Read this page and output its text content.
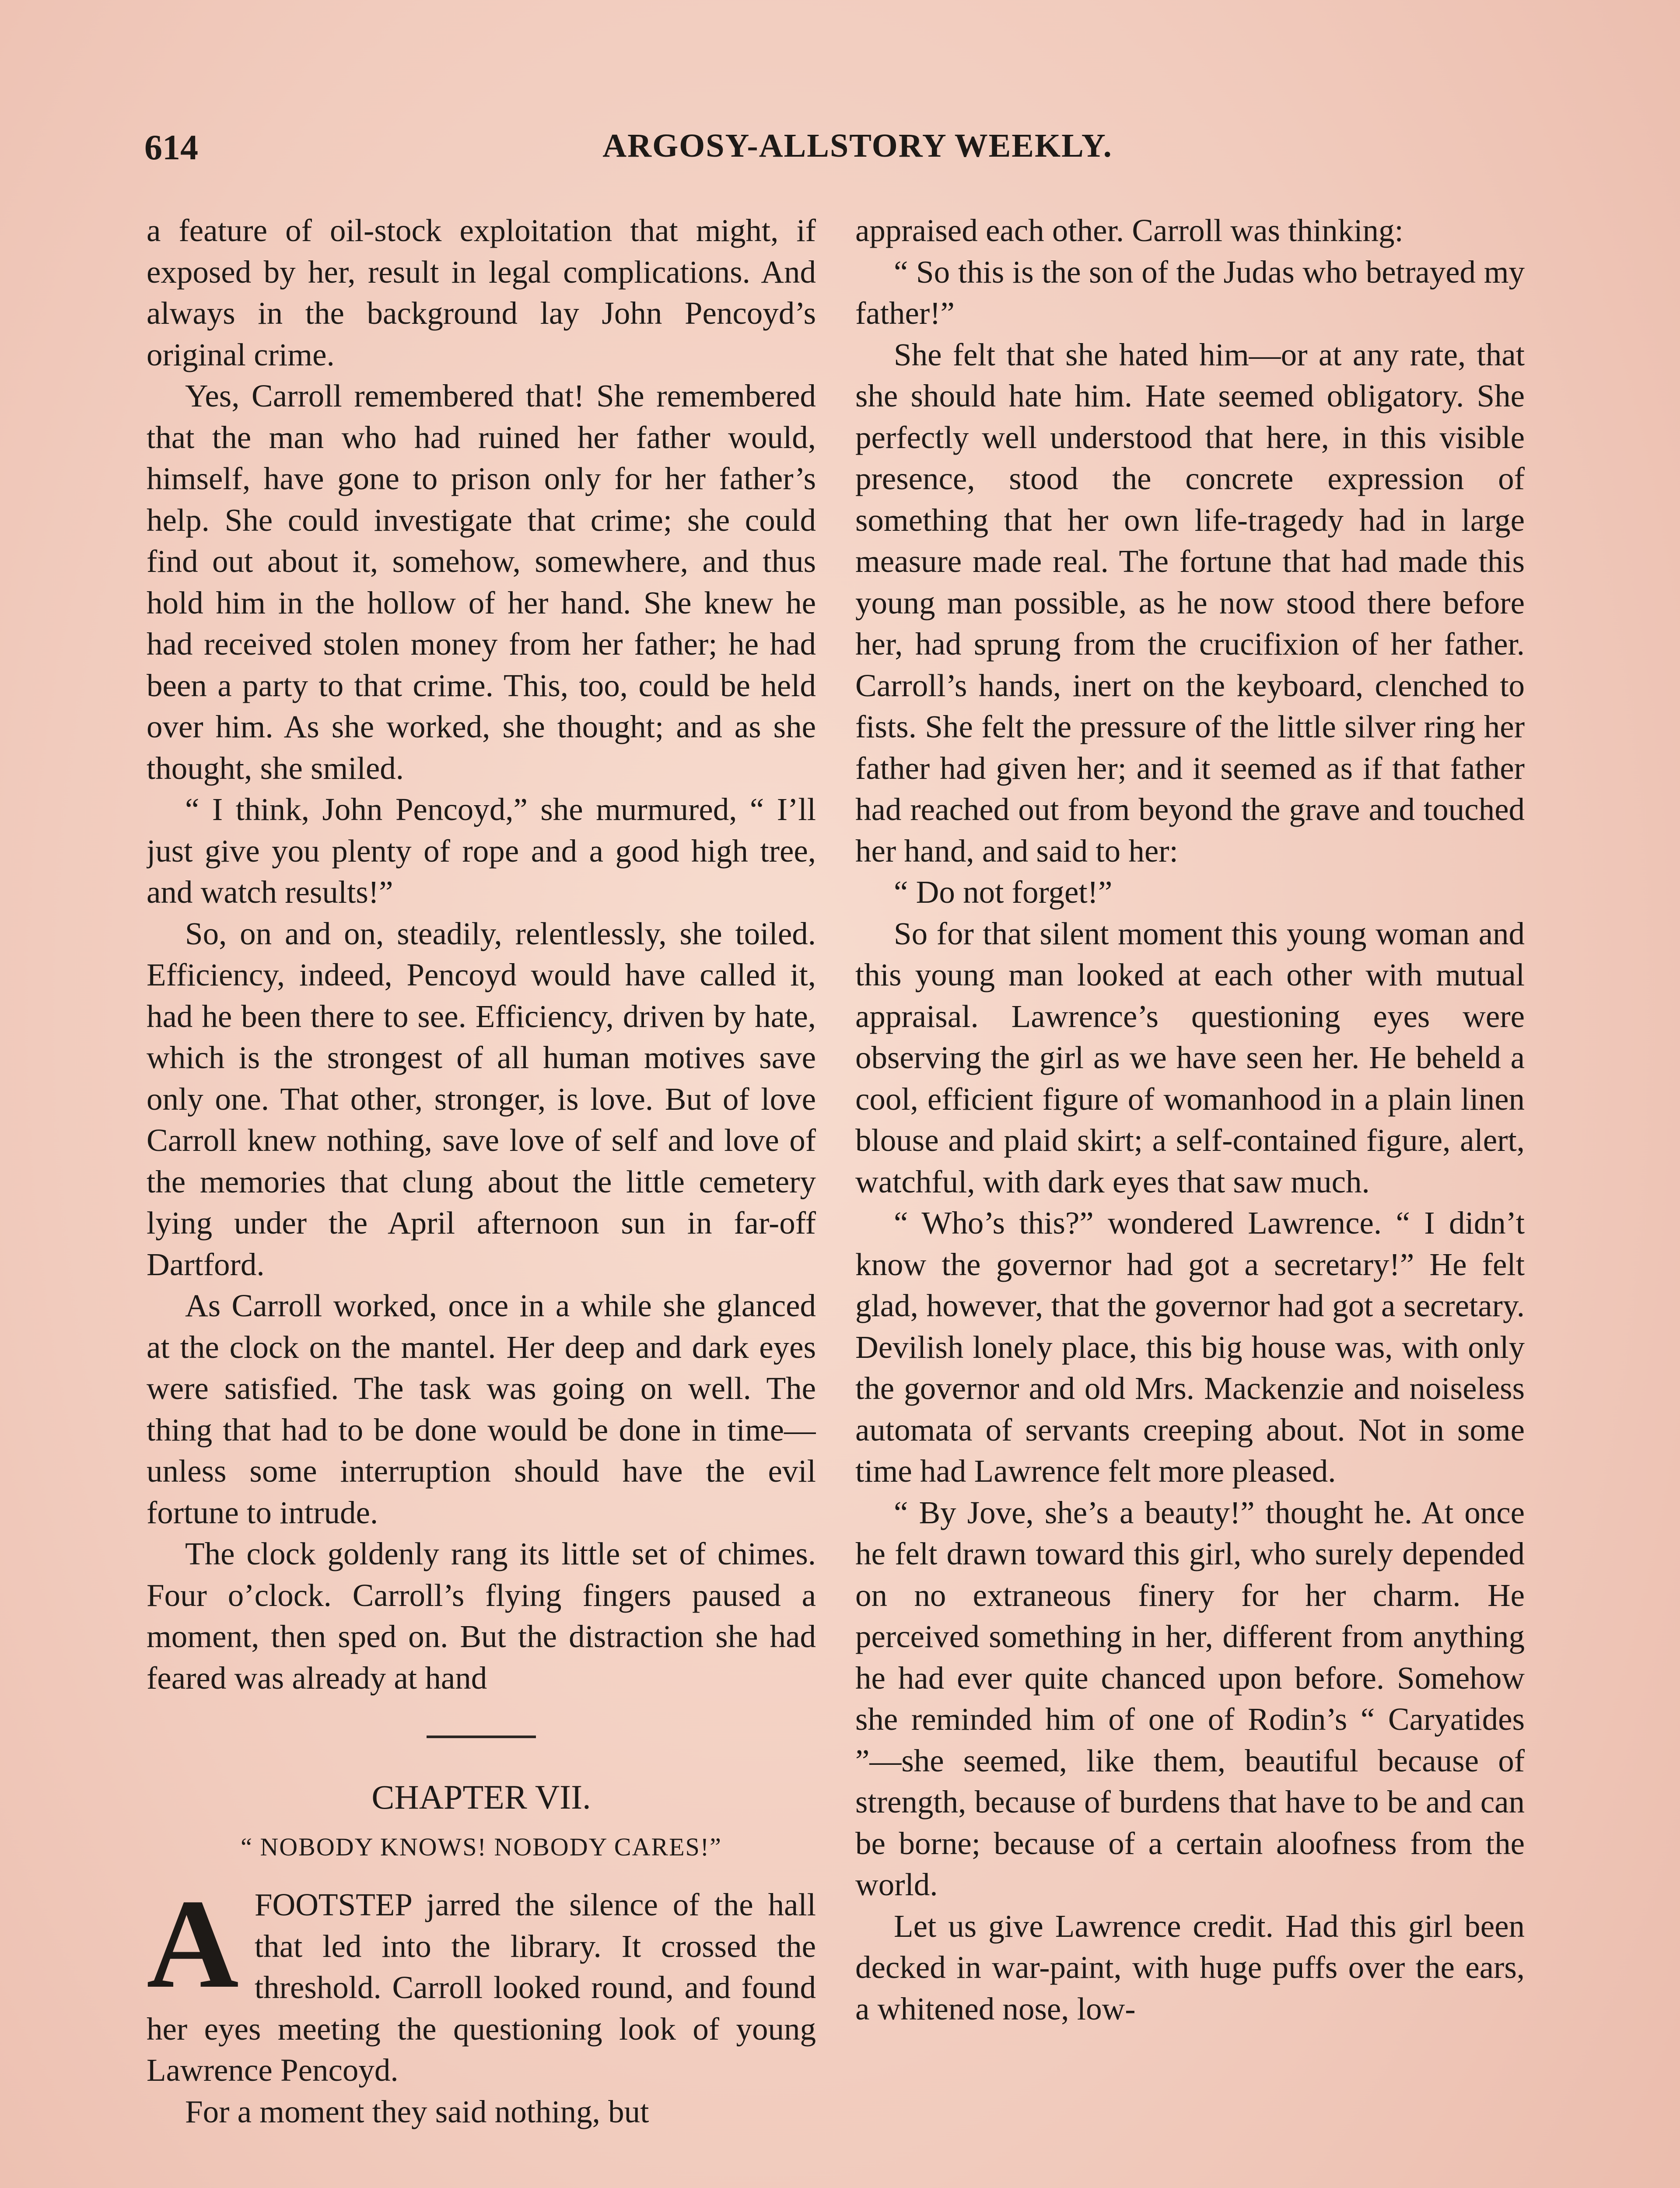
614	ARGOSY-ALLSTORY WEEKLY.

a feature of oil-stock exploitation that might, if exposed by her, result in legal complications. And always in the background lay John Pencoyd’s original crime.

Yes, Carroll remembered that! She remembered that the man who had ruined her father would, himself, have gone to prison only for her father’s help. She could investigate that crime; she could find out about it, somehow, somewhere, and thus hold him in the hollow of her hand. She knew he had received stolen money from her father; he had been a party to that crime. This, too, could be held over him. As she worked, she thought; and as she thought, she smiled.

“ I think, John Pencoyd,” she murmured, “ I’ll just give you plenty of rope and a good high tree, and watch results!”

So, on and on, steadily, relentlessly, she toiled. Efficiency, indeed, Pencoyd would have called it, had he been there to see. Efficiency, driven by hate, which is the strongest of all human motives save only one. That other, stronger, is love. But of love Carroll knew nothing, save love of self and love of the memories that clung about the little cemetery lying under the April afternoon sun in far-off Dartford.

As Carroll worked, once in a while she glanced at the clock on the mantel. Her deep and dark eyes were satisfied. The task was going on well. The thing that had to be done would be done in time—unless some interruption should have the evil fortune to intrude.

The clock goldenly rang its little set of chimes. Four o’clock. Carroll’s flying fingers paused a moment, then sped on. But the distraction she had feared was already at hand

CHAPTER VII.

“ NOBODY KNOWS! NOBODY CARES!”

A FOOTSTEP jarred the silence of the hall that led into the library. It crossed the threshold. Carroll looked round, and found her eyes meeting the questioning look of young Lawrence Pencoyd.

For a moment they said nothing, but

appraised each other. Carroll was thinking:

“ So this is the son of the Judas who betrayed my father!”

She felt that she hated him—or at any rate, that she should hate him. Hate seemed obligatory. She perfectly well understood that here, in this visible presence, stood the concrete expression of something that her own life-tragedy had in large measure made real. The fortune that had made this young man possible, as he now stood there before her, had sprung from the crucifixion of her father. Carroll’s hands, inert on the keyboard, clenched to fists. She felt the pressure of the little silver ring her father had given her; and it seemed as if that father had reached out from beyond the grave and touched her hand, and said to her:

“ Do not forget!”

So for that silent moment this young woman and this young man looked at each other with mutual appraisal. Lawrence’s questioning eyes were observing the girl as we have seen her. He beheld a cool, efficient figure of womanhood in a plain linen blouse and plaid skirt; a self-contained figure, alert, watchful, with dark eyes that saw much.

“ Who’s this?” wondered Lawrence. “ I didn’t know the governor had got a secretary!” He felt glad, however, that the governor had got a secretary. Devilish lonely place, this big house was, with only the governor and old Mrs. Mackenzie and noiseless automata of servants creeping about. Not in some time had Lawrence felt more pleased.

“ By Jove, she’s a beauty!” thought he. At once he felt drawn toward this girl, who surely depended on no extraneous finery for her charm. He perceived something in her, different from anything he had ever quite chanced upon before. Somehow she reminded him of one of Rodin’s “ Caryatides ”—she seemed, like them, beautiful because of strength, because of burdens that have to be and can be borne; because of a certain aloofness from the world.

Let us give Lawrence credit. Had this girl been decked in war-paint, with huge puffs over the ears, a whitened nose, low-
